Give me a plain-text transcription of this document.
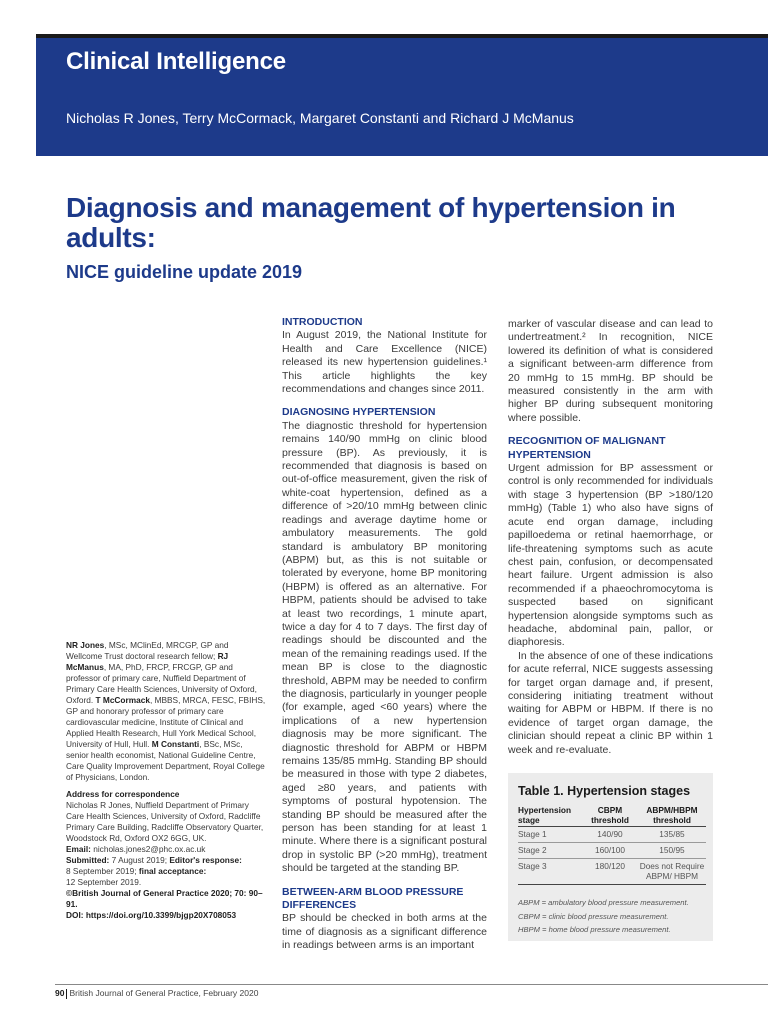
Clinical Intelligence
Nicholas R Jones, Terry McCormack, Margaret Constanti and Richard J McManus
Diagnosis and management of hypertension in adults:
NICE guideline update 2019

NR Jones, MSc, MClinEd, MRCGP, GP and Wellcome Trust doctoral research fellow; RJ McManus, MA, PhD, FRCP, FRCGP, GP and professor of primary care, Nuffield Department of Primary Care Health Sciences, University of Oxford, Oxford. T McCormack, MBBS, MRCA, FESC, FBIHS, GP and honorary professor of primary care cardiovascular medicine, Institute of Clinical and Applied Health Research, Hull York Medical School, University of Hull, Hull. M Constanti, BSc, MSc, senior health economist, National Guideline Centre, Care Quality Improvement Department, Royal College of Physicians, London.

Address for correspondence
Nicholas R Jones, Nuffield Department of Primary Care Health Sciences, University of Oxford, Radcliffe Primary Care Building, Radcliffe Observatory Quarter, Woodstock Rd, Oxford OX2 6GG, UK.
Email: nicholas.jones2@phc.ox.ac.uk
Submitted: 7 August 2019; Editor's response:
8 September 2019; final acceptance:
12 September 2019.
©British Journal of General Practice 2020; 70: 90–91.
DOI: https://doi.org/10.3399/bjgp20X708053

INTRODUCTION

In August 2019, the National Institute for Health and Care Excellence (NICE) released its new hypertension guidelines.¹ This article highlights the key recommendations and changes since 2011.

DIAGNOSING HYPERTENSION

The diagnostic threshold for hypertension remains 140/90 mmHg on clinic blood pressure (BP). As previously, it is recommended that diagnosis is based on out-of-office measurement, given the risk of white-coat hypertension, defined as a difference of >20/10 mmHg between clinic readings and average daytime home or ambulatory measurements. The gold standard is ambulatory BP monitoring (ABPM) but, as this is not suitable or tolerated by everyone, home BP monitoring (HBPM) is offered as an alternative. For HBPM, patients should be advised to take at least two recordings, 1 minute apart, twice a day for 4 to 7 days. The first day of readings should be discounted and the mean of the remaining readings used. If the mean BP is close to the diagnostic threshold, ABPM may be needed to confirm the diagnosis, particularly in younger people (for example, aged <60 years) where the implications of a new hypertension diagnosis may be more significant. The diagnostic threshold for ABPM or HBPM remains 135/85 mmHg. Standing BP should be measured in those with type 2 diabetes, aged ≥80 years, and patients with symptoms of postural hypotension. The standing BP should be measured after the person has been standing for at least 1 minute. Where there is a significant postural drop in systolic BP (>20 mmHg), treatment should be targeted at the standing BP.

BETWEEN-ARM BLOOD PRESSURE DIFFERENCES

BP should be checked in both arms at the time of diagnosis as a significant difference in readings between arms is an important

marker of vascular disease and can lead to undertreatment.² In recognition, NICE lowered its definition of what is considered a significant between-arm difference from 20 mmHg to 15 mmHg. BP should be measured consistently in the arm with higher BP during subsequent monitoring where possible.

RECOGNITION OF MALIGNANT HYPERTENSION

Urgent admission for BP assessment or control is only recommended for individuals with stage 3 hypertension (BP >180/120 mmHg) (Table 1) who also have signs of acute end organ damage, including papilloedema or retinal haemorrhage, or life-threatening symptoms such as acute chest pain, confusion, or decompensated heart failure. Urgent admission is also recommended if a phaeochromocytoma is suspected based on significant hypertension alongside symptoms such as headache, abdominal pain, pallor, or diaphoresis.

In the absence of one of these indications for acute referral, NICE suggests assessing for target organ damage and, if present, considering initiating treatment without waiting for ABPM or HBPM. If there is no evidence of target organ damage, the clinician should repeat a clinic BP within 1 week and re-evaluate.

Table 1. Hypertension stages
Hypertension stage	CBPM threshold	ABPM/HBPM threshold
Stage 1	140/90	135/85
Stage 2	160/100	150/95
Stage 3	180/120	Does not Require ABPM/ HBPM

ABPM = ambulatory blood pressure measurement.

CBPM = clinic blood pressure measurement.

HBPM = home blood pressure measurement.

90 British Journal of General Practice, February 2020
